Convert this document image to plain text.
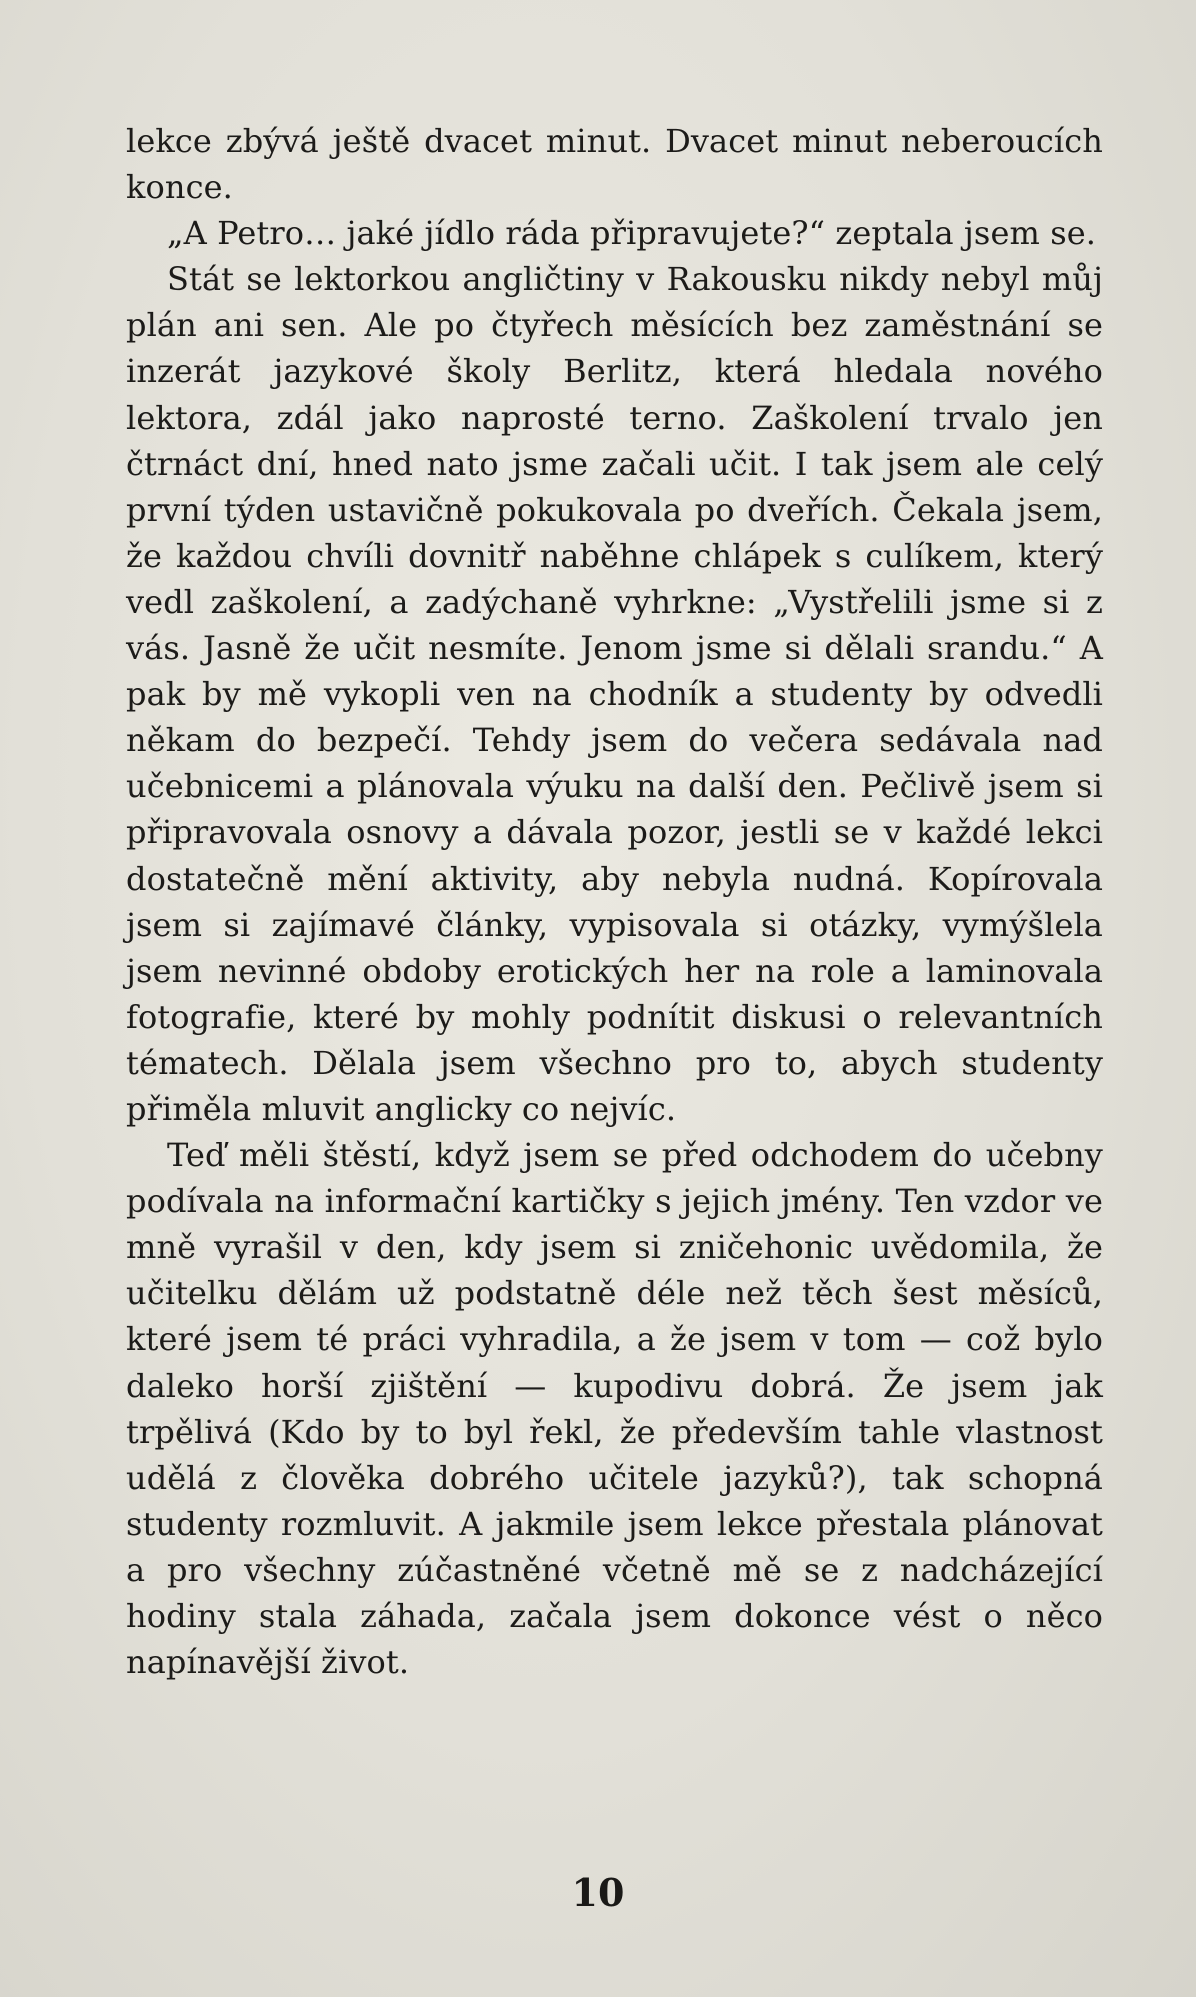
lekce zbývá ještě dvacet minut. Dvacet minut neberoucích konce.

„A Petro… jaké jídlo ráda připravujete?“ zeptala jsem se.

Stát se lektorkou angličtiny v Rakousku nikdy nebyl můj plán ani sen. Ale po čtyřech měsících bez zaměstnání se inzerát jazykové školy Berlitz, která hledala nového lektora, zdál jako naprosté terno. Zaškolení trvalo jen čtrnáct dní, hned nato jsme začali učit. I tak jsem ale celý první týden ustavičně pokukovala po dveřích. Čekala jsem, že každou chvíli dovnitř naběhne chlápek s culíkem, který vedl zaškolení, a zadýchaně vyhrkne: „Vystřelili jsme si z vás. Jasně že učit nesmíte. Jenom jsme si dělali srandu.“ A pak by mě vykopli ven na chodník a studenty by odvedli někam do bezpečí. Tehdy jsem do večera sedávala nad učebnicemi a plánovala výuku na další den. Pečlivě jsem si připravovala osnovy a dávala pozor, jestli se v každé lekci dostatečně mění aktivity, aby nebyla nudná. Kopírovala jsem si zajímavé články, vypisovala si otázky, vymýšlela jsem nevinné obdoby erotických her na role a laminovala fotografie, které by mohly podnítit diskusi o relevantních tématech. Dělala jsem všechno pro to, abych studenty přiměla mluvit anglicky co nejvíc.

Teď měli štěstí, když jsem se před odchodem do učebny podívala na informační kartičky s jejich jmény. Ten vzdor ve mně vyrašil v den, kdy jsem si zničehonic uvědomila, že učitelku dělám už podstatně déle než těch šest měsíců, které jsem té práci vyhradila, a že jsem v tom — což bylo daleko horší zjištění — kupodivu dobrá. Že jsem jak trpělivá (Kdo by to byl řekl, že především tahle vlastnost udělá z člověka dobrého učitele jazyků?), tak schopná studenty rozmluvit. A jakmile jsem lekce přestala plánovat a pro všechny zúčastněné včetně mě se z nadcházející hodiny stala záhada, začala jsem dokonce vést o něco napínavější život.

10
